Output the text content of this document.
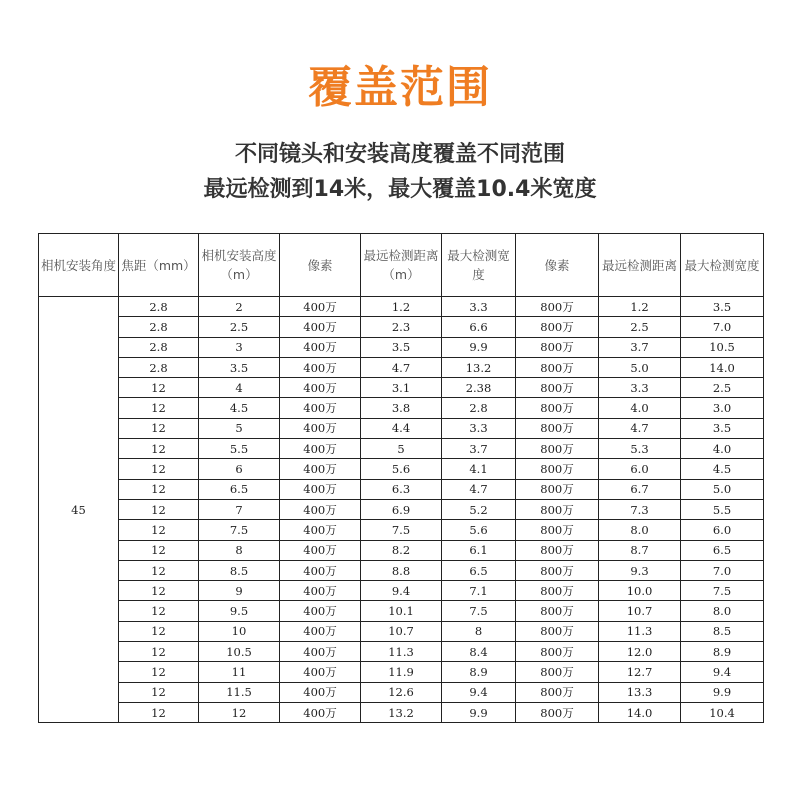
覆盖范围
不同镜头和安装高度覆盖不同范围
最远检测到14米，最大覆盖10.4米宽度
相机安装角度	焦距（mm）	相机安装高度（m）	像素	最远检测距离（m）	最大检测宽度	像素	最远检测距离	最大检测宽度
45	2.8	2	400万	1.2	3.3	800万	1.2	3.5
	2.8	2.5	400万	2.3	6.6	800万	2.5	7.0
	2.8	3	400万	3.5	9.9	800万	3.7	10.5
	2.8	3.5	400万	4.7	13.2	800万	5.0	14.0
	12	4	400万	3.1	2.38	800万	3.3	2.5
	12	4.5	400万	3.8	2.8	800万	4.0	3.0
	12	5	400万	4.4	3.3	800万	4.7	3.5
	12	5.5	400万	5	3.7	800万	5.3	4.0
	12	6	400万	5.6	4.1	800万	6.0	4.5
	12	6.5	400万	6.3	4.7	800万	6.7	5.0
	12	7	400万	6.9	5.2	800万	7.3	5.5
	12	7.5	400万	7.5	5.6	800万	8.0	6.0
	12	8	400万	8.2	6.1	800万	8.7	6.5
	12	8.5	400万	8.8	6.5	800万	9.3	7.0
	12	9	400万	9.4	7.1	800万	10.0	7.5
	12	9.5	400万	10.1	7.5	800万	10.7	8.0
	12	10	400万	10.7	8	800万	11.3	8.5
	12	10.5	400万	11.3	8.4	800万	12.0	8.9
	12	11	400万	11.9	8.9	800万	12.7	9.4
	12	11.5	400万	12.6	9.4	800万	13.3	9.9
	12	12	400万	13.2	9.9	800万	14.0	10.4
